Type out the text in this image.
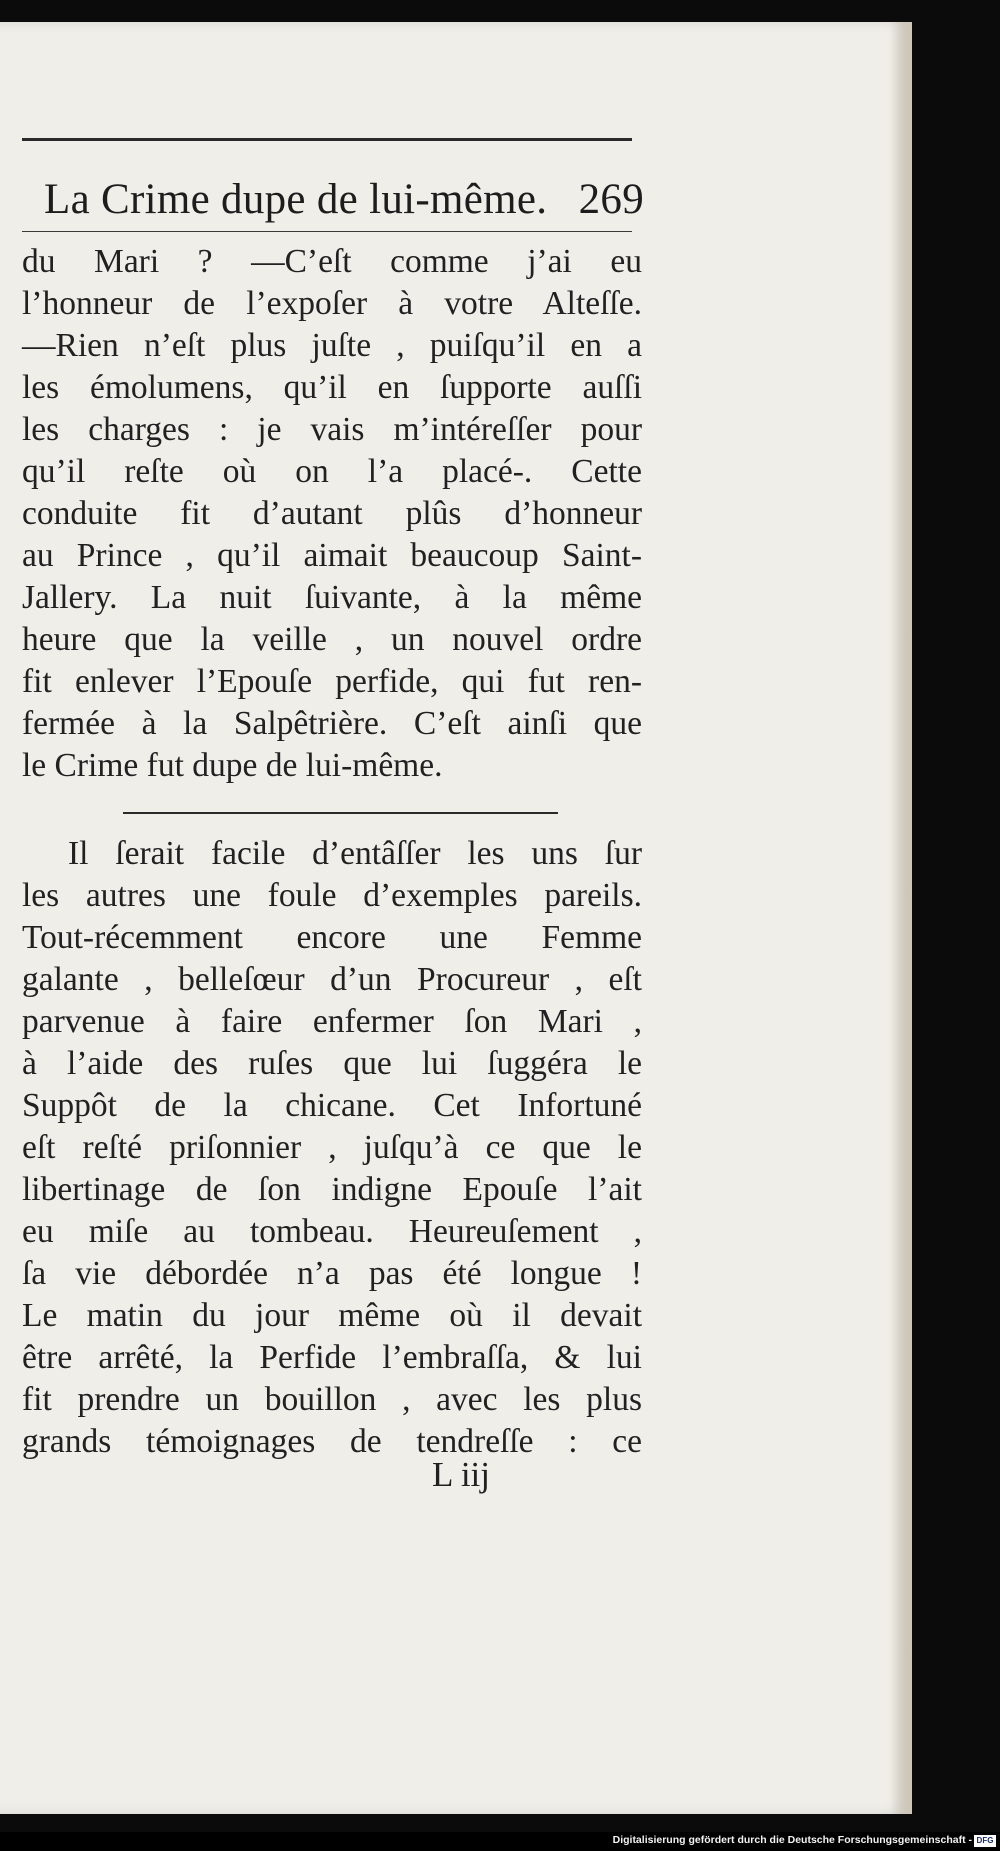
La Crime dupe de lui-même. 269
du Mari ? —C’eſt comme j’ai eu
l’honneur de l’expoſer à votre Alteſſe.
—Rien n’eſt plus juſte , puiſqu’il en a
les émolumens, qu’il en ſupporte auſſi
les charges : je vais m’intéreſſer pour
qu’il reſte où on l’a placé-. Cette
conduite fit d’autant plûs d’honneur
au Prince , qu’il aimait beaucoup Saint-
Jallery. La nuit ſuivante, à la même
heure que la veille , un nouvel ordre
fit enlever l’Epouſe perfide, qui fut ren-
fermée à la Salpêtrière. C’eſt ainſi que
le Crime fut dupe de lui-même.
Il ſerait facile d’entâſſer les uns ſur
les autres une foule d’exemples pareils.
Tout-récemment encore une Femme
galante , belleſœur d’un Procureur , eſt
parvenue à faire enfermer ſon Mari ,
à l’aide des ruſes que lui ſuggéra le
Suppôt de la chicane. Cet Infortuné
eſt reſté priſonnier , juſqu’à ce que le
libertinage de ſon indigne Epouſe l’ait
eu miſe au tombeau. Heureuſement ,
ſa vie débordée n’a pas été longue !
Le matin du jour même où il devait
être arrêté, la Perfide l’embraſſa, & lui
fit prendre un bouillon , avec les plus
grands témoignages de tendreſſe : ce
L iij
Digitalisierung gefördert durch die Deutsche Forschungsgemeinschaft - DFG
